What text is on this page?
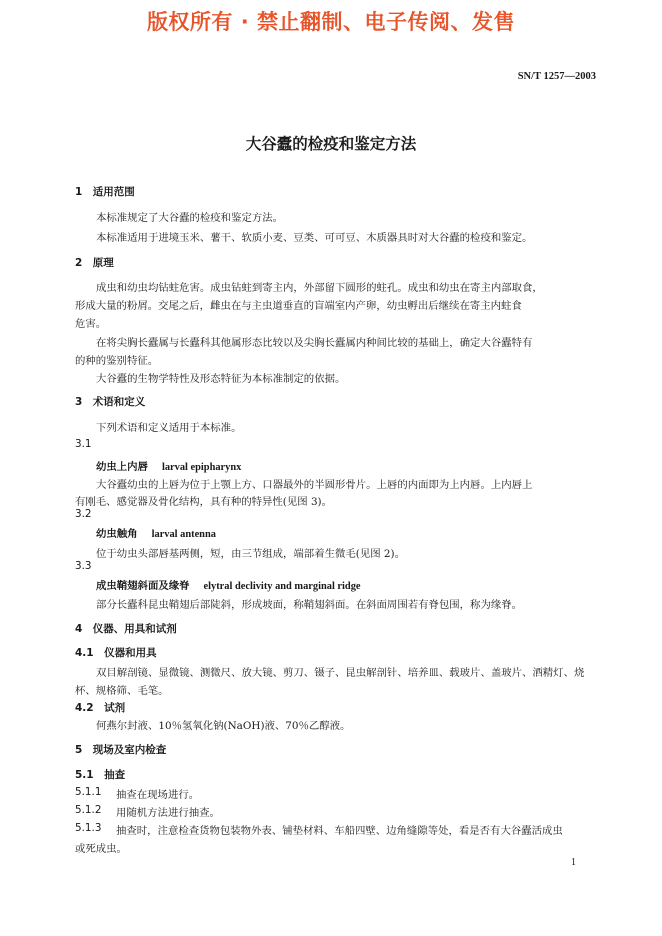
版权所有 · 禁止翻制、电子传阅、发售
SN/T 1257—2003
大谷蠹的检疫和鉴定方法
1　适用范围
本标准规定了大谷蠹的检疫和鉴定方法。
本标准适用于进境玉米、薯干、软质小麦、豆类、可可豆、木质器具时对大谷蠹的检疫和鉴定。
2　原理
成虫和幼虫均钻蛀危害。成虫钻蛀到寄主内，外部留下圆形的蛀孔。成虫和幼虫在寄主内部取食，
形成大量的粉屑。交尾之后，雌虫在与主虫道垂直的盲端室内产卵，幼虫孵出后继续在寄主内蛀食
危害。
在将尖胸长蠹属与长蠹科其他属形态比较以及尖胸长蠹属内种间比较的基础上，确定大谷蠹特有
的种的鉴别特征。
大谷蠹的生物学特性及形态特征为本标准制定的依据。
3　术语和定义
下列术语和定义适用于本标准。
3.1
幼虫上内唇 larval epipharynx
大谷蠹幼虫的上唇为位于上颚上方、口器最外的半圆形骨片。上唇的内面即为上内唇。上内唇上
有刚毛、感觉器及骨化结构，具有种的特异性(见图 3)。
3.2
幼虫触角 larval antenna
位于幼虫头部唇基两侧，短，由三节组成，端部着生微毛(见图 2)。
3.3
成虫鞘翅斜面及缘脊 elytral declivity and marginal ridge
部分长蠹科昆虫鞘翅后部陡斜，形成坡面，称鞘翅斜面。在斜面周围若有脊包围，称为缘脊。
4　仪器、用具和试剂
4.1　仪器和用具
双目解剖镜、显微镜、测微尺、放大镜、剪刀、镊子、昆虫解剖针、培养皿、载玻片、盖玻片、酒精灯、烧
杯、规格筛、毛笔。
4.2　试剂
何燕尔封液、10％氢氧化钠(NaOH)液、70％乙醇液。
5　现场及室内检查
5.1　抽查
5.1.1 抽查在现场进行。
5.1.2 用随机方法进行抽查。
5.1.3 抽查时，注意检查货物包装物外表、铺垫材料、车船四壁、边角缝隙等处，看是否有大谷蠹活成虫
或死成虫。
1
